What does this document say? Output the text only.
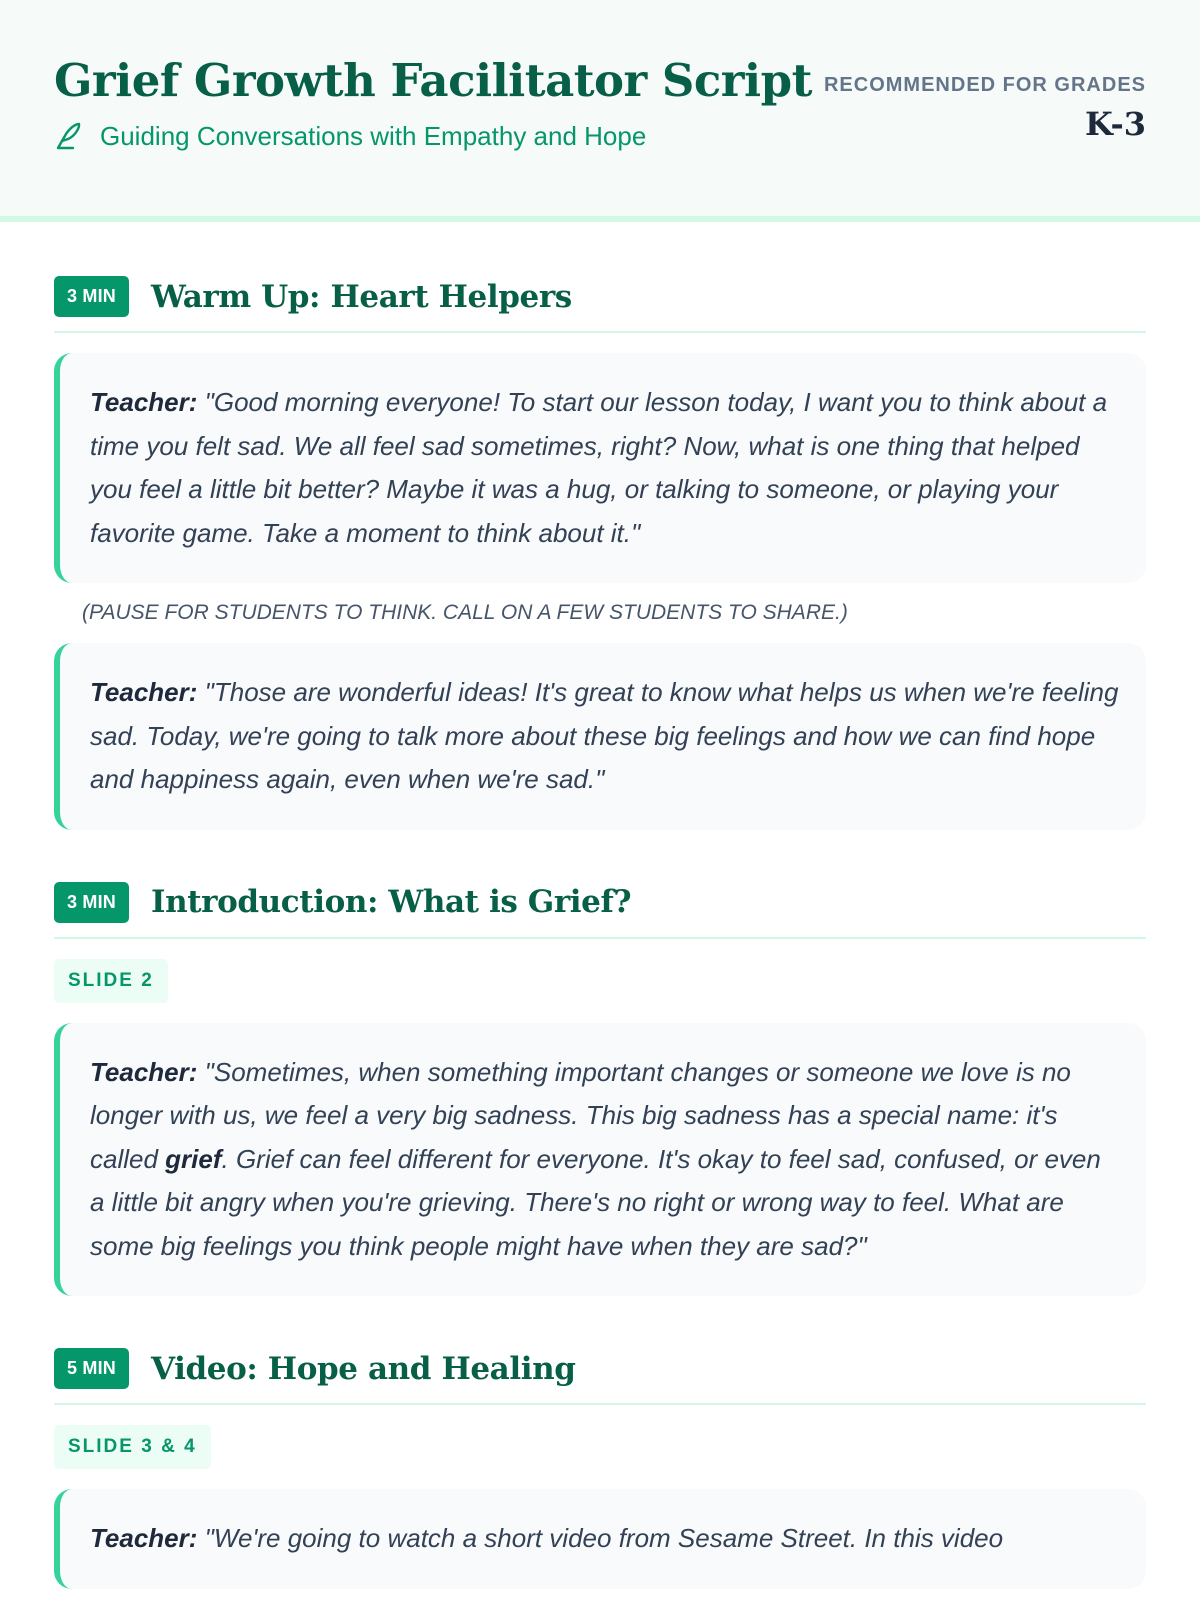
Grief Growth Facilitator Script
Guiding Conversations with Empathy and Hope
RECOMMENDED FOR GRADES
K-3
3 MIN	Warm Up: Heart Helpers
Teacher: "Good morning everyone! To start our lesson today, I want you to think about a time you felt sad. We all feel sad sometimes, right? Now, what is one thing that helped you feel a little bit better? Maybe it was a hug, or talking to someone, or playing your favorite game. Take a moment to think about it."
(PAUSE FOR STUDENTS TO THINK. CALL ON A FEW STUDENTS TO SHARE.)
Teacher: "Those are wonderful ideas! It's great to know what helps us when we're feeling sad. Today, we're going to talk more about these big feelings and how we can find hope and happiness again, even when we're sad."
3 MIN	Introduction: What is Grief?
SLIDE 2
Teacher: "Sometimes, when something important changes or someone we love is no longer with us, we feel a very big sadness. This big sadness has a special name: it's called grief. Grief can feel different for everyone. It's okay to feel sad, confused, or even a little bit angry when you're grieving. There's no right or wrong way to feel. What are some big feelings you think people might have when they are sad?"
5 MIN	Video: Hope and Healing
SLIDE 3 & 4
Teacher: "We're going to watch a short video from Sesame Street. In this video
